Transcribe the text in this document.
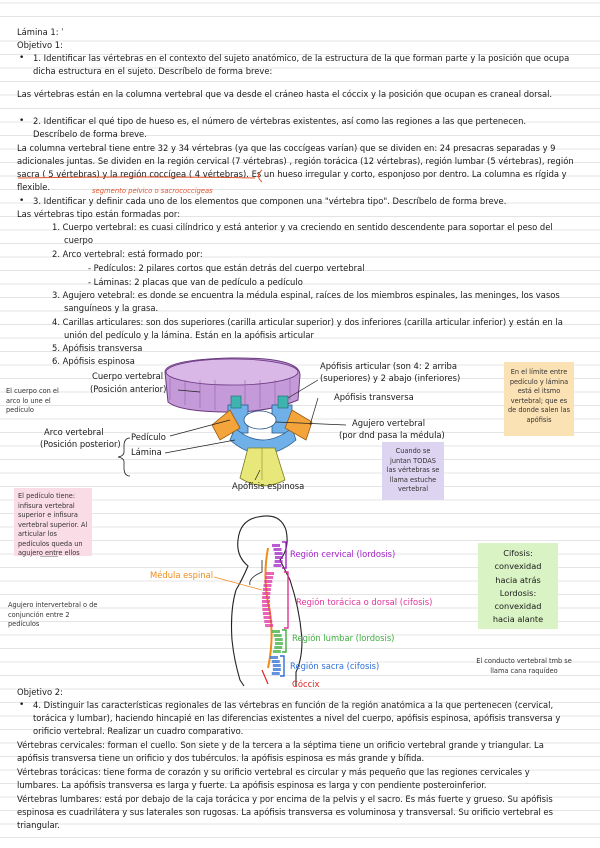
Lámina 1: ˈ
Objetivo 1:
• 1. Identificar las vértebras en el contexto del sujeto anatómico, de la estructura de la que forman parte y la posición que ocupa
dicha estructura en el sujeto. Descríbelo de forma breve:
Las vértebras están en la columna vertebral que va desde el cráneo hasta el cóccix y la posición que ocupan es craneal dorsal.
• 2. Identificar el qué tipo de hueso es, el número de vértebras existentes, así como las regiones a las que pertenecen.
Descríbelo de forma breve.
La columna vertebral tiene entre 32 y 34 vértebras (ya que las coccígeas varían) que se dividen en: 24 presacras separadas y 9
adicionales juntas. Se dividen en la región cervical (7 vértebras) , región torácica (12 vértebras), región lumbar (5 vértebras), región
sacra ( 5 vértebras) y la región coccígea ( 4 vértebras). Es un hueso irregular y corto, esponjoso por dentro. La columna es rígida y
flexible.	segmento pelvico o sacrococcigeas
• 3. Identificar y definir cada uno de los elementos que componen una "vértebra tipo". Descríbelo de forma breve.
Las vértebras tipo están formadas por:
1. Cuerpo vertebral: es cuasi cilíndrico y está anterior y va creciendo en sentido descendente para soportar el peso del
cuerpo
2. Arco vertebral: está formado por:
- Pedículos: 2 pilares cortos que están detrás del cuerpo vertebral
- Láminas: 2 placas que van de pedículo a pedículo
3. Agujero vetebral: es donde se encuentra la médula espinal, raíces de los miembros espinales, las meninges, los vasos
sanguíneos y la grasa.
4. Carillas articulares: son dos superiores (carilla articular superior) y dos inferiores (carilla articular inferior) y están en la
unión del pedículo y la lámina. Están en la apófisis articular
5. Apófisis transversa
6. Apófisis espinosa
Cuerpo vertebral
(Posición anterior)
Arco vertebral
(Posición posterior)
Pedículo
Lámina
Apófisis articular (son 4: 2 arriba
(superiores) y 2 abajo (inferiores)
Apófisis transversa
Agujero vertebral
(por dnd pasa la médula)
Apófisis espinosa
El cuerpo con el arco lo une el pedículo
En el límite entre pedículo y lámina está el itsmo vertebral; que es de donde salen las apófisis
Cuando se juntan TODAS las vértebras se llama estuche vertebral
El pedículo tiene: infisura vertebral superior e infisura vertebral superior. Al articular los pedículos queda un agujero entre ellos	Región cervical (lordosis)
Médula espinal
Región torácica o dorsal (cifosis)
Región lumbar (lordosis)
Región sacra (cifosis)
Cóccix
Agujero intervertebral o de conjunción entre 2 pedículos
El conducto vertebral tmb se llama cana raquídeo
Cifosis:
convexidad
hacia atrás
Lordosis:
convexidad
hacia alante
Objetivo 2:
• 4. Distinguir las características regionales de las vértebras en función de la región anatómica a la que pertenecen (cervical,
torácica y lumbar), haciendo hincapié en las diferencias existentes a nivel del cuerpo, apófisis espinosa, apófisis transversa y
orificio vertebral. Realizar un cuadro comparativo.
Vértebras cervicales: forman el cuello. Son siete y de la tercera a la séptima tiene un orificio vertebral grande y triangular. La
apófisis transversa tiene un orificio y dos tubérculos. la apófisis espinosa es más grande y bífida.
Vértebras torácicas: tiene forma de corazón y su orificio vertebral es circular y más pequeño que las regiones cervicales y
lumbares. La apófisis transversa es larga y fuerte. La apófisis espinosa es larga y con pendiente posteroinferior.
Vértebras lumbares: está por debajo de la caja torácica y por encima de la pelvis y el sacro. Es más fuerte y grueso. Su apófisis
espinosa es cuadrilátera y sus laterales son rugosas. La apófisis transversa es voluminosa y transversal. Su orificio vertebral es
triangular.
